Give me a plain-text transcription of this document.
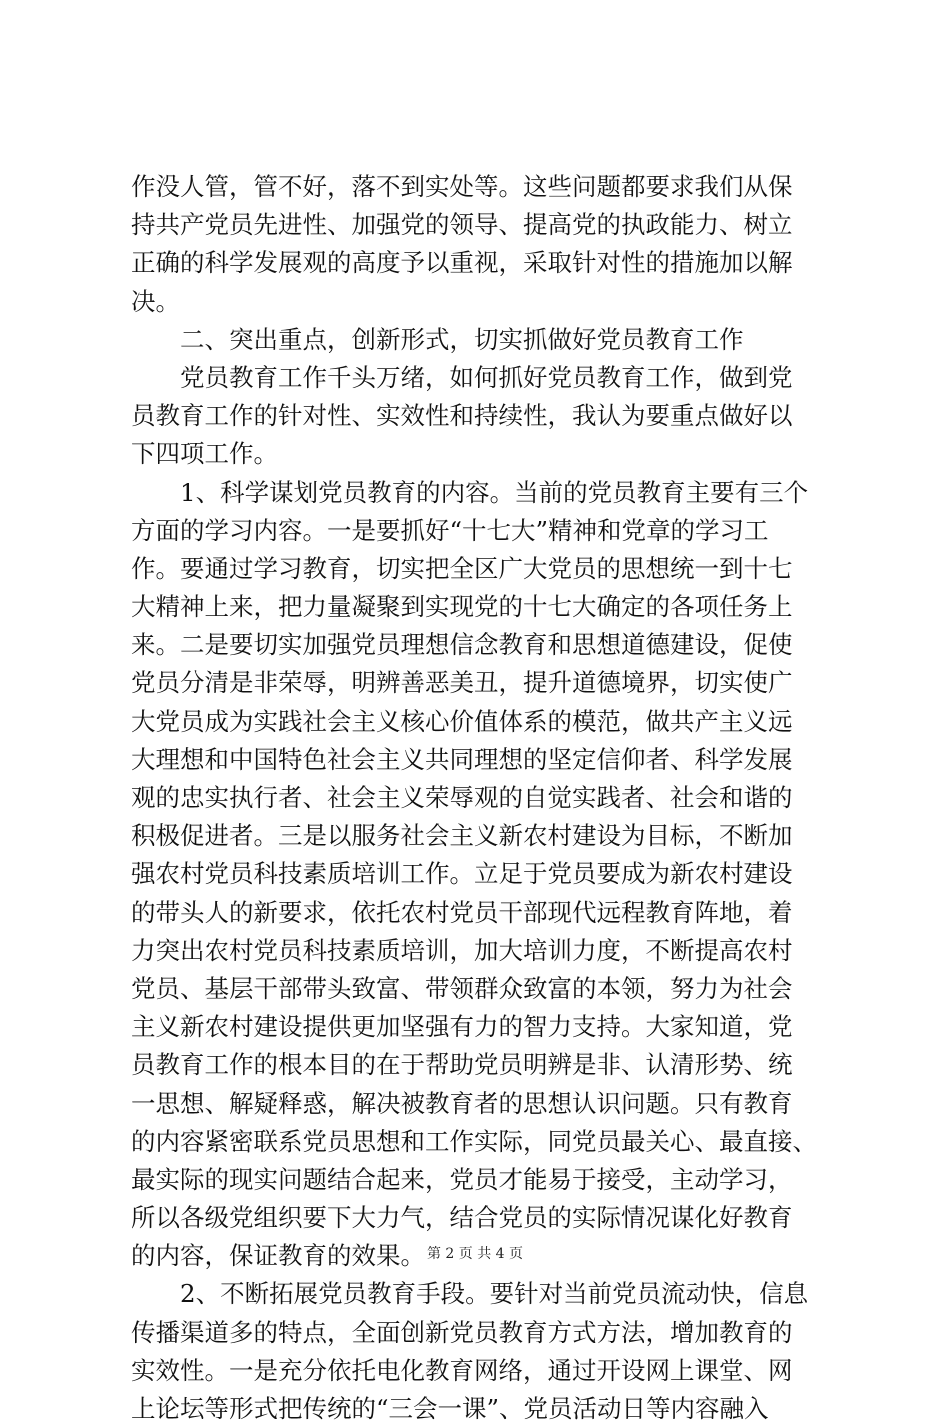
作没人管，管不好，落不到实处等。这些问题都要求我们从保
持共产党员先进性、加强党的领导、提高党的执政能力、树立
正确的科学发展观的高度予以重视，采取针对性的措施加以解
决。
二、突出重点，创新形式，切实抓做好党员教育工作
党员教育工作千头万绪，如何抓好党员教育工作，做到党
员教育工作的针对性、实效性和持续性，我认为要重点做好以
下四项工作。
1、科学谋划党员教育的内容。当前的党员教育主要有三个
方面的学习内容。一是要抓好“十七大”精神和党章的学习工
作。要通过学习教育，切实把全区广大党员的思想统一到十七
大精神上来，把力量凝聚到实现党的十七大确定的各项任务上
来。二是要切实加强党员理想信念教育和思想道德建设，促使
党员分清是非荣辱，明辨善恶美丑，提升道德境界，切实使广
大党员成为实践社会主义核心价值体系的模范，做共产主义远
大理想和中国特色社会主义共同理想的坚定信仰者、科学发展
观的忠实执行者、社会主义荣辱观的自觉实践者、社会和谐的
积极促进者。三是以服务社会主义新农村建设为目标，不断加
强农村党员科技素质培训工作。立足于党员要成为新农村建设
的带头人的新要求，依托农村党员干部现代远程教育阵地，着
力突出农村党员科技素质培训，加大培训力度，不断提高农村
党员、基层干部带头致富、带领群众致富的本领，努力为社会
主义新农村建设提供更加坚强有力的智力支持。大家知道，党
员教育工作的根本目的在于帮助党员明辨是非、认清形势、统
一思想、解疑释惑，解决被教育者的思想认识问题。只有教育
的内容紧密联系党员思想和工作实际，同党员最关心、最直接、
最实际的现实问题结合起来，党员才能易于接受，主动学习，
所以各级党组织要下大力气，结合党员的实际情况谋化好教育
的内容，保证教育的效果。
2、不断拓展党员教育手段。要针对当前党员流动快，信息
传播渠道多的特点，全面创新党员教育方式方法，增加教育的
实效性。一是充分依托电化教育网络，通过开设网上课堂、网
上论坛等形式把传统的“三会一课”、党员活动日等内容融入
第 2 页 共 4 页
